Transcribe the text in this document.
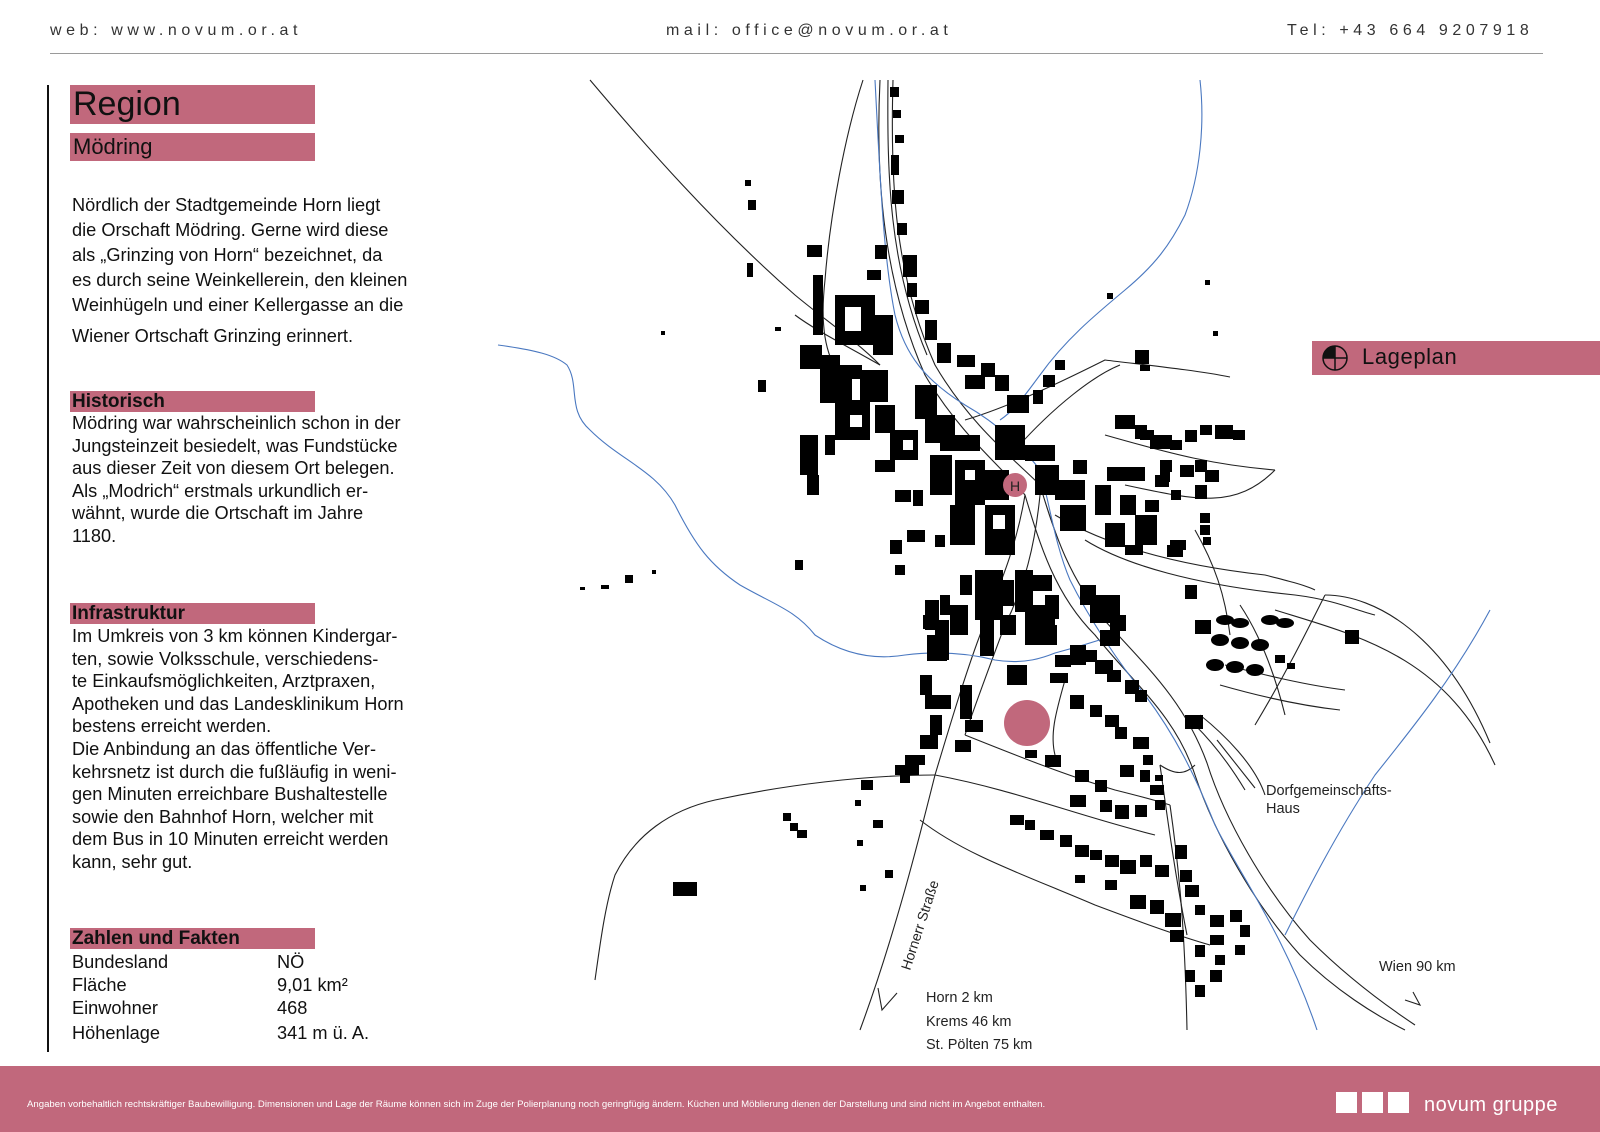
web: www.novum.or.at	mail: office@novum.or.at	Tel: +43 664 9207918
Region
Mödring
Nördlich der Stadtgemeinde Horn liegt
die Orschaft Mödring. Gerne wird diese
als „Grinzing von Horn“ bezeichnet, da
es durch seine Weinkellerein, den kleinen
Weinhügeln und einer Kellergasse an die
Wiener Ortschaft Grinzing erinnert.
Historisch
Mödring war wahrscheinlich schon in der
Jungsteinzeit besiedelt, was Fundstücke
aus dieser Zeit von diesem Ort belegen.
Als „Modrich“ erstmals urkundlich er-
wähnt, wurde die Ortschaft im Jahre
1180.
Infrastruktur
Im Umkreis von 3 km können Kindergar-
ten, sowie Volksschule, verschiedens-
te Einkaufsmöglichkeiten, Arztpraxen,
Apotheken und das Landesklinikum Horn
bestens erreicht werden.
Die Anbindung an das öffentliche Ver-
kehrsnetz ist durch die fußläufig in weni-
gen Minuten erreichbare Bushaltestelle
sowie den Bahnhof Horn, welcher mit
dem Bus in 10 Minuten erreicht werden
kann, sehr gut.
Zahlen und Fakten
Bundesland	NÖ
Fläche	9,01 km²
Einwohner	468
Höhenlage	341 m ü. A.
H
Hornerr Straße
Lageplan
Dorfgemeinschafts-
Haus
Wien 90 km
Horn 2 km
Krems 46 km
St. Pölten 75 km
Angaben vorbehaltlich rechtskräftiger Baubewilligung. Dimensionen und Lage der Räume können sich im Zuge der Polierplanung noch geringfügig ändern. Küchen und Möblierung dienen der Darstellung und sind nicht im Angebot enthalten.	novum gruppe
